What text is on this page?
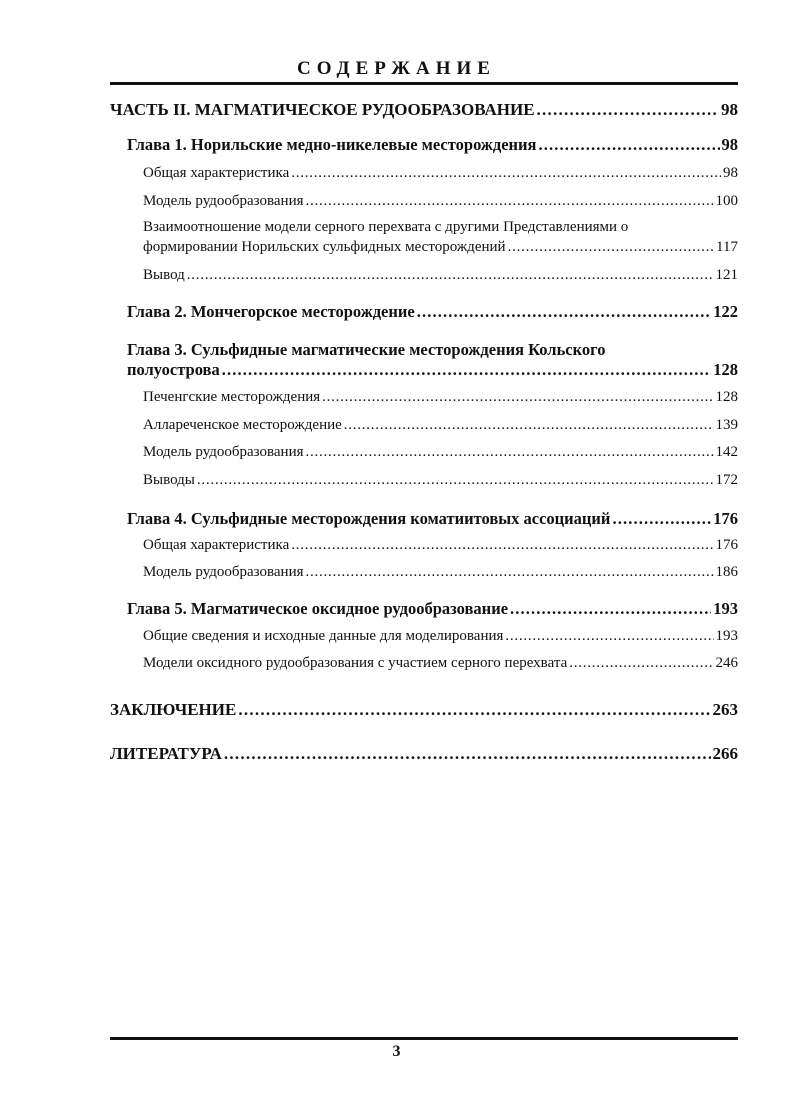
СОДЕРЖАНИЕ
ЧАСТЬ II. МАГМАТИЧЕСКОЕ РУДООБРАЗОВАНИЕ . . .	98
Глава 1. Норильские медно-никелевые месторождения . . .	98
Общая характеристика . . .	98
Модель рудообразования . . .	100
Взаимоотношение модели серного перехвата с другими Представлениями о
формировании Норильских сульфидных месторождений . . .	117
Вывод . . .	121
Глава 2. Мончегорское месторождение . . .	122
Глава 3. Сульфидные магматические месторождения Кольского
полуострова . . .	128
Печенгские месторождения . . .	128
Аллареченское месторождение . . .	139
Модель рудообразования . . .	142
Выводы . . .	172
Глава 4. Сульфидные месторождения коматиитовых ассоциаций . . .	176
Общая характеристика . . .	176
Модель рудообразования . . .	186
Глава 5. Магматическое оксидное рудообразование . . .	193
Общие сведения и исходные данные для моделирования . . .	193
Модели оксидного рудообразования с участием серного перехвата . . .	246
ЗАКЛЮЧЕНИЕ . . .	263
ЛИТЕРАТУРА . . .	266
3
